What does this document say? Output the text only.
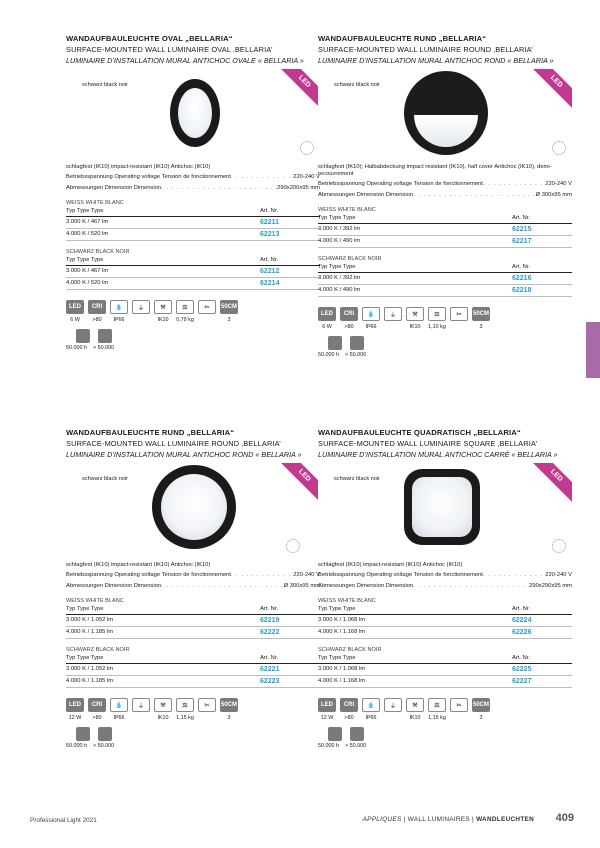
WANDAUFBAULEUCHTE OVAL „BELLARIA“
SURFACE-MOUNTED WALL LUMINAIRE OVAL ‚BELLARIA’
LUMINAIRE D’INSTALLATION MURAL ANTICHOC OVALE « BELLARIA »
schwarz black noir	LED
schlagfest (IK10) impact-resistant (IK10) Antichoc (IK10)
Betriebsspannung Operating voltage Tension de fonctionnement . . .	220-240 V
Abmessungen Dimension Dimension . . .	290x200x95 mm
WEISS WHITE BLANC
Typ Type Type	Art. Nr.
3.000 K / 467 lm	62211
4.000 K / 520 lm	62213
SCHWARZ BLACK NOIR
Typ Type Type	Art. Nr.
3.000 K / 467 lm	62212
4.000 K / 520 lm	62214
LED	CRI	💧	⏚	⚒	⚖	✂	50CM
6 W	>80	IP66	IK10	0,79 kg	3
50.000 h > 50.000
WANDAUFBAULEUCHTE RUND „BELLARIA“
SURFACE-MOUNTED WALL LUMINAIRE ROUND ‚BELLARIA’
LUMINAIRE D’INSTALLATION MURAL ANTICHOC ROND « BELLARIA »
schwarz black noir	LED
schlagfest (IK10); Halbabdeckung impact resistant (IK10), half cover Antichoc (IK10), demi-recouvrement
Betriebsspannung Operating voltage Tension de fonctionnement . . .	220-240 V
Abmessungen Dimension Dimension . . .	Ø 300x95 mm
WEISS WHITE BLANC
Typ Type Type	Art. Nr.
3.000 K / 392 lm	62215
4.000 K / 490 lm	62217
SCHWARZ BLACK NOIR
Typ Type Type	Art. Nr.
3.000 K / 392 lm	62216
4.000 K / 490 lm	62218
LED	CRI	💧	⏚	⚒	⚖	✂	50CM
6 W	>80	IP66	IK10	1,10 kg	3
50.000 h > 50.000
WANDAUFBAULEUCHTE RUND „BELLARIA“
SURFACE-MOUNTED WALL LUMINAIRE ROUND ‚BELLARIA’
LUMINAIRE D’INSTALLATION MURAL ANTICHOC ROND « BELLARIA »
schwarz black noir	LED
schlagfest (IK10) impact-resistant (IK10) Antichoc (IK10)
Betriebsspannung Operating voltage Tension de fonctionnement . . .	220-240 V
Abmessungen Dimension Dimension . . .	Ø 300x95 mm
WEISS WHITE BLANC
Typ Type Type	Art. Nr.
3.000 K / 1.052 lm	62219
4.000 K / 1.185 lm	62222
SCHWARZ BLACK NOIR
Typ Type Type	Art. Nr.
3.000 K / 1.052 lm	62221
4.000 K / 1.185 lm	62223
LED	CRI	💧	⏚	⚒	⚖	✂	50CM
12 W	>80	IP66	IK10	1,15 kg	3
50.000 h > 50.000
WANDAUFBAULEUCHTE QUADRATISCH „BELLARIA“
SURFACE-MOUNTED WALL LUMINAIRE SQUARE ‚BELLARIA’
LUMINAIRE D’INSTALLATION MURAL ANTICHOC CARRÉ « BELLARIA »
schwarz black noir	LED
schlagfest (IK10) impact-resistant (IK10) Antichoc (IK10)
Betriebsspannung Operating voltage Tension de fonctionnement . . .	220-240 V
Abmessungen Dimension Dimension . . .	290x290x95 mm
WEISS WHITE BLANC
Typ Type Type	Art. Nr.
3.000 K / 1.068 lm	62224
4.000 K / 1.168 lm	62226
SCHWARZ BLACK NOIR
Typ Type Type	Art. Nr.
3.000 K / 1.068 lm	62225
4.000 K / 1.168 lm	62227
LED	CRI	💧	⏚	⚒	⚖	✂	50CM
12 W	>80	IP66	IK10	1,15 kg	3
50.000 h > 50.000
Professional Light 2021	APPLIQUES | WALL LUMINAIRES | WANDLEUCHTEN 409
